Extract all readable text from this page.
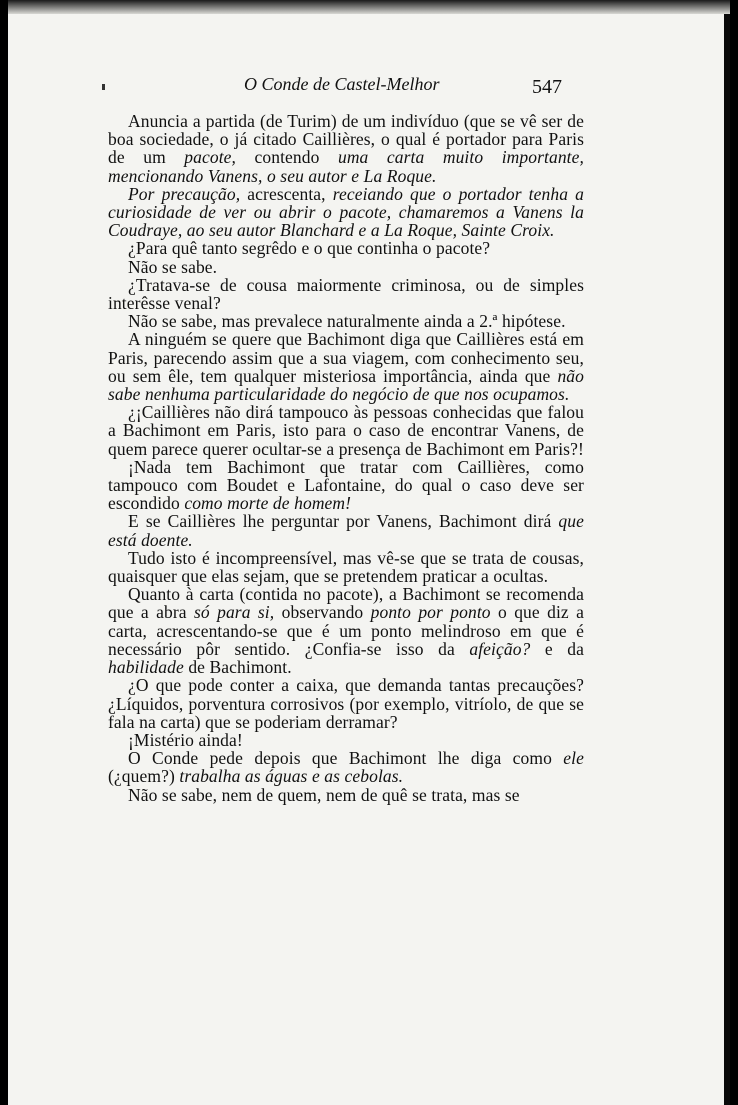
O Conde de Castel-Melhor	547

Anuncia a partida (de Turim) de um indivíduo (que se vê ser de boa sociedade, o já citado Caillières, o qual é portador para Paris de um pacote, contendo uma carta muito importante, mencionando Vanens, o seu autor e La Roque.

Por precaução, acrescenta, receiando que o portador tenha a curiosidade de ver ou abrir o pacote, chamaremos a Vanens la Coudraye, ao seu autor Blanchard e a La Roque, Sainte Croix.

¿Para quê tanto segrêdo e o que continha o pacote?

Não se sabe.

¿Tratava-se de cousa maiormente criminosa, ou de simples interêsse venal?

Não se sabe, mas prevalece naturalmente ainda a 2.ª hipótese.

A ninguém se quere que Bachimont diga que Caillières está em Paris, parecendo assim que a sua viagem, com conhecimento seu, ou sem êle, tem qualquer misteriosa importância, ainda que não sabe nenhuma particularidade do negócio de que nos ocupamos.

¿¡Caillières não dirá tampouco às pessoas conhecidas que falou a Bachimont em Paris, isto para o caso de encontrar Vanens, de quem parece querer ocultar-se a presença de Bachimont em Paris?!

¡Nada tem Bachimont que tratar com Caillières, como tampouco com Boudet e Lafontaine, do qual o caso deve ser escondido como morte de homem!

E se Caillières lhe perguntar por Vanens, Bachimont dirá que está doente.

Tudo isto é incompreensível, mas vê-se que se trata de cousas, quaisquer que elas sejam, que se pretendem praticar a ocultas.

Quanto à carta (contida no pacote), a Bachimont se recomenda que a abra só para si, observando ponto por ponto o que diz a carta, acrescentando-se que é um ponto melindroso em que é necessário pôr sentido. ¿Confia-se isso da afeição? e da habilidade de Bachimont.

¿O que pode conter a caixa, que demanda tantas precauções? ¿Líquidos, porventura corrosivos (por exemplo, vitríolo, de que se fala na carta) que se poderiam derramar?

¡Mistério ainda!

O Conde pede depois que Bachimont lhe diga como ele (¿quem?) trabalha as águas e as cebolas.

Não se sabe, nem de quem, nem de quê se trata, mas se
